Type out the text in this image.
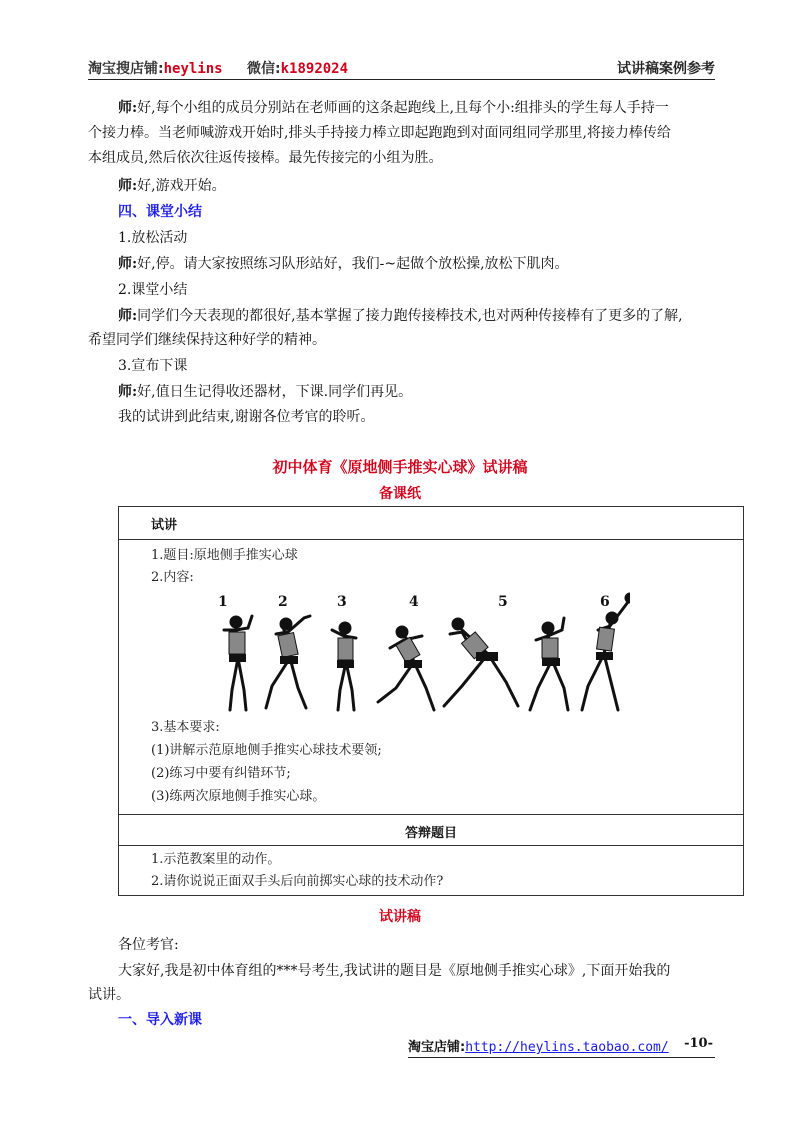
淘宝搜店铺:heylins 微信:k1892024	试讲稿案例参考
师:好,每个小组的成员分别站在老师画的这条起跑线上,且每个小:组排头的学生每人手持一
个接力棒。当老师喊游戏开始时,排头手持接力棒立即起跑跑到对面同组同学那里,将接力棒传给
本组成员,然后依次往返传接棒。最先传接完的小组为胜。
师:好,游戏开始。
四、课堂小结
1.放松活动
师:好,停。请大家按照练习队形站好，我们-~起做个放松操,放松下肌肉。
2.课堂小结
师:同学们今天表现的都很好,基本掌握了接力跑传接棒技术,也对两种传接棒有了更多的了解,
希望同学们继续保持这种好学的精神。
3.宣布下课
师:好,值日生记得收还器材，下课.同学们再见。
我的试讲到此结束,谢谢各位考官的聆听。
初中体育《原地侧手推实心球》试讲稿
备课纸
试讲
1.题目:原地侧手推实心球
2.内容:
3.基本要求:
(1)讲解示范原地侧手推实心球技术要领;
(2)练习中要有纠错环节;
(3)练两次原地侧手推实心球。
答辩题目
1.示范教案里的动作。
2.请你说说正面双手头后向前掷实心球的技术动作?
1	2	3	4	5	6
试讲稿
各位考官:
大家好,我是初中体育组的***号考生,我试讲的题目是《原地侧手推实心球》,下面开始我的
试讲。
一、导入新课
淘宝店铺:http://heylins.taobao.com/ -10-
